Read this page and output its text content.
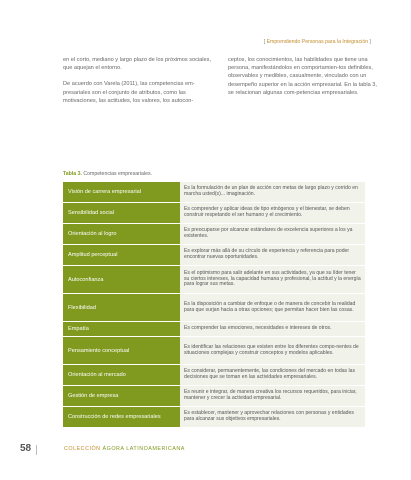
[ Emprendiendo Personas para la Integración ]

en el corto, mediano y largo plazo de los próximos sociales, que aquejan el entorno.

De acuerdo con Varela (2011), las competencias em-presariales son el conjunto de atributos, como las motivaciones, las actitudes, los valores, los autocon-

ceptos, los conocimientos, las habilidades que tiene una persona, manifestándolos en comportamien-tos definibles, observables y medibles, casualmente, vinculado con un desempeño superior en la acción empresarial. En la tabla 3, se relacionan algunas com-petencias empresariales.

Tabla 3. Competencias empresariales.
Visión de carrera empresarial
Es la formulación de un plan de acción con metas de largo plazo y corrido en marcha usted(s)... imaginación.
Sensibilidad social
Es comprender y aplicar ideas de tipo etnógenos y el bienestar, se deben construir respetando el ser humano y el crecimiento.
Orientación al logro
Es preocuparse por alcanzar estándares de excelencia superiores a los ya existentes.
Amplitud perceptual
Es explorar más allá de su círculo de experiencia y referencia para poder encontrar nuevas oportunidades.
Autoconfianza
Es el optimismo para salir adelante en sus actividades, ya que su líder tener su ciertos intereses, la capacidad humana y profesional, la actitud y la energía para lograr sus metas.
Flexibilidad
Es la disposición a cambiar de enfoque o de manera de concebir la realidad para que surjan hacia a otras opciones; que permitan hacer bien las cosas.
Empatía	Es comprender las emociones, necesidades e intereses de otros.
Pensamiento conceptual
Es identificar las relaciones que existen entre los diferentes compo-nentes de situaciones complejas y construir conceptos y modelos aplicables.
Orientación al mercado
Es considerar, permanentemente, las condiciones del mercado en todas las decisiones que se toman en las actividades empresariales.
Gestión de empresa
Es reunir e integrar, de manera creativa los recursos requeridos, para iniciar, mantener y crecer la actividad empresarial.
Construcción de redes empresariales
Es establecer, mantener y aprovechar relaciones con personas y entidades para alcanzar sus objetivos empresariales.
58	COLECCIÓN ÁGORA LATINOAMERICANA
